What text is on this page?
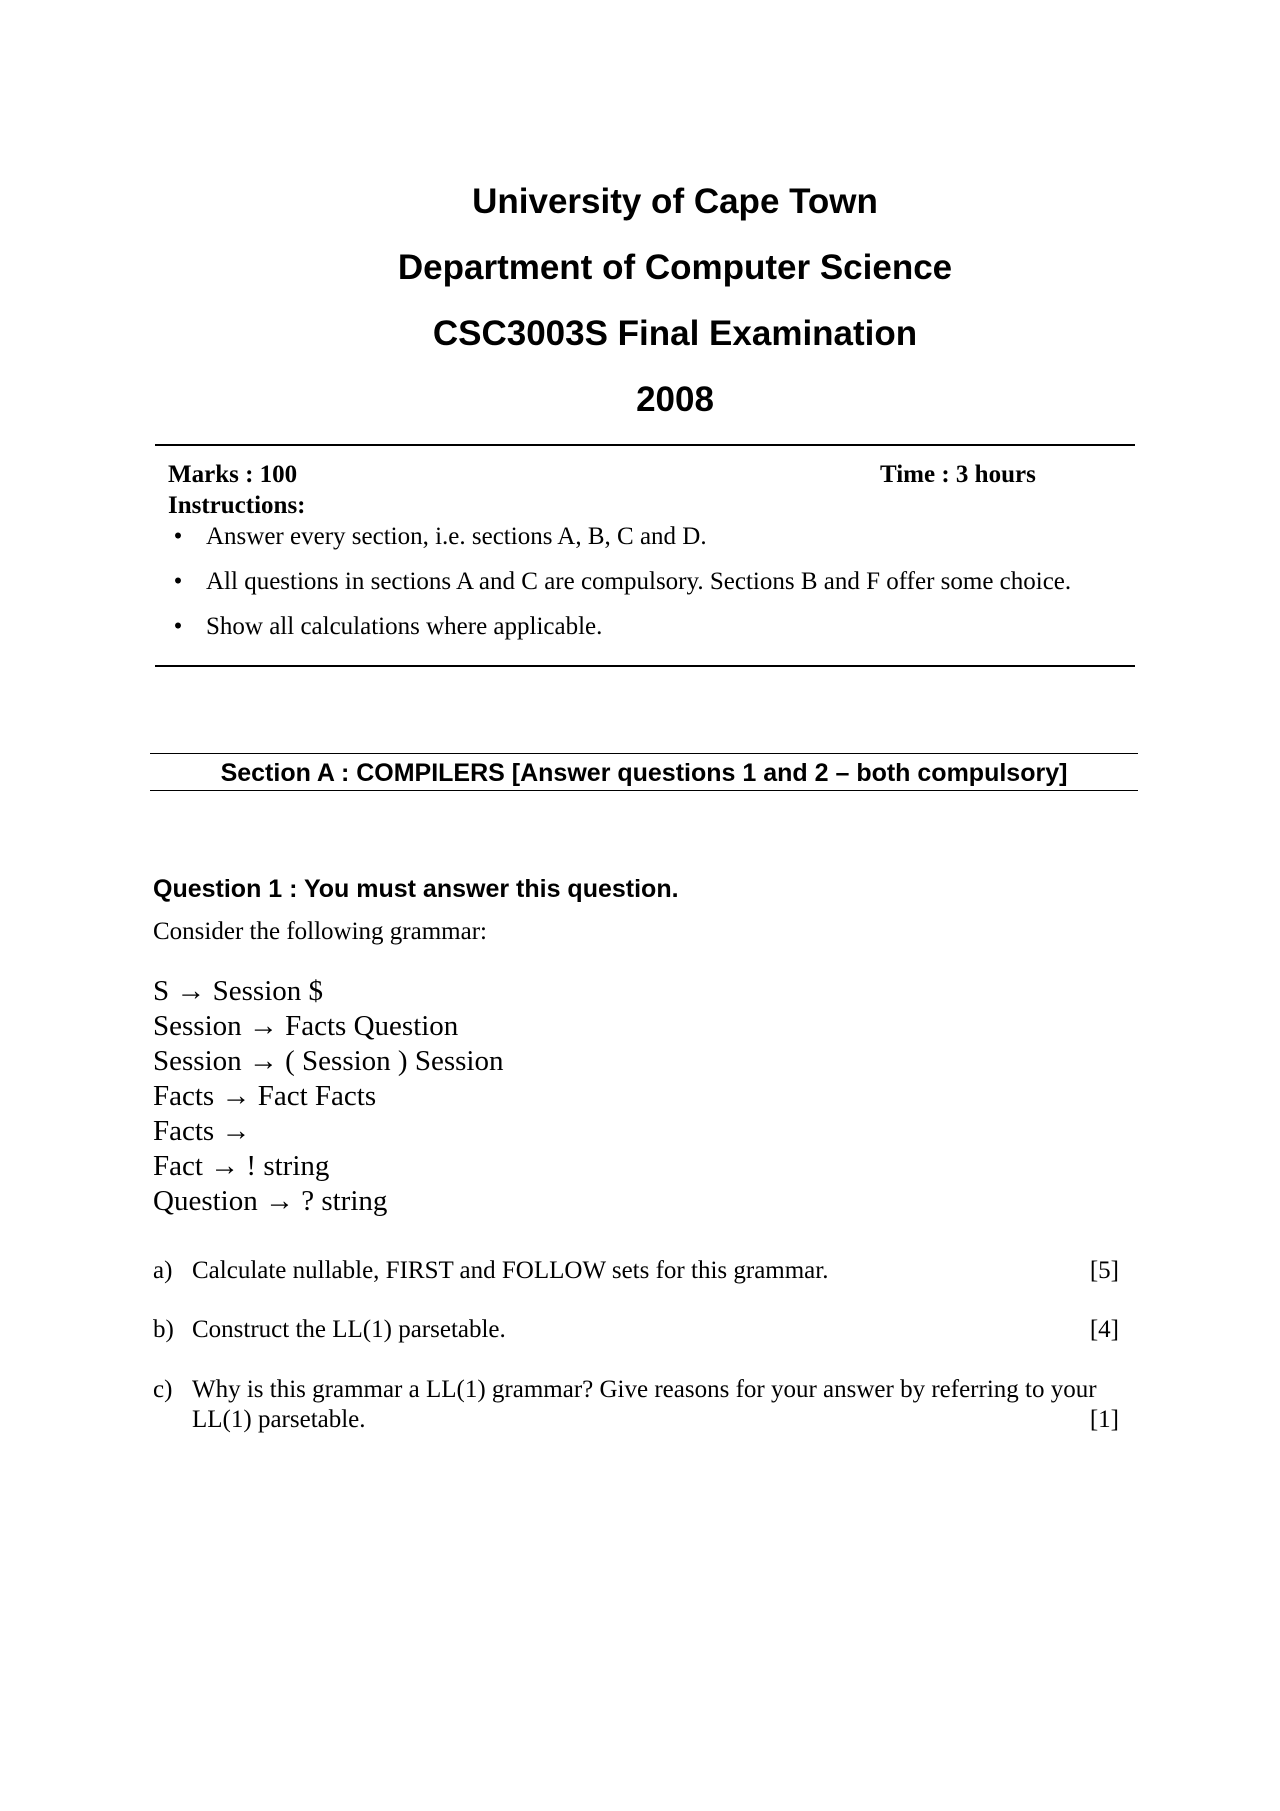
University of Cape Town
Department of Computer Science
CSC3003S Final Examination
2008
Marks : 100	Time : 3 hours
Instructions:
• Answer every section, i.e. sections A, B, C and D.
• All questions in sections A and C are compulsory. Sections B and F offer some choice.
• Show all calculations where applicable.
Section A : COMPILERS [Answer questions 1 and 2 – both compulsory]
Question 1 : You must answer this question.
Consider the following grammar:
S → Session $
Session → Facts Question
Session → ( Session ) Session
Facts → Fact Facts
Facts →
Fact → ! string
Question → ? string
a) Calculate nullable, FIRST and FOLLOW sets for this grammar.	[5]
b) Construct the LL(1) parsetable.	[4]
c) Why is this grammar a LL(1) grammar? Give reasons for your answer by referring to your
LL(1) parsetable.	[1]
